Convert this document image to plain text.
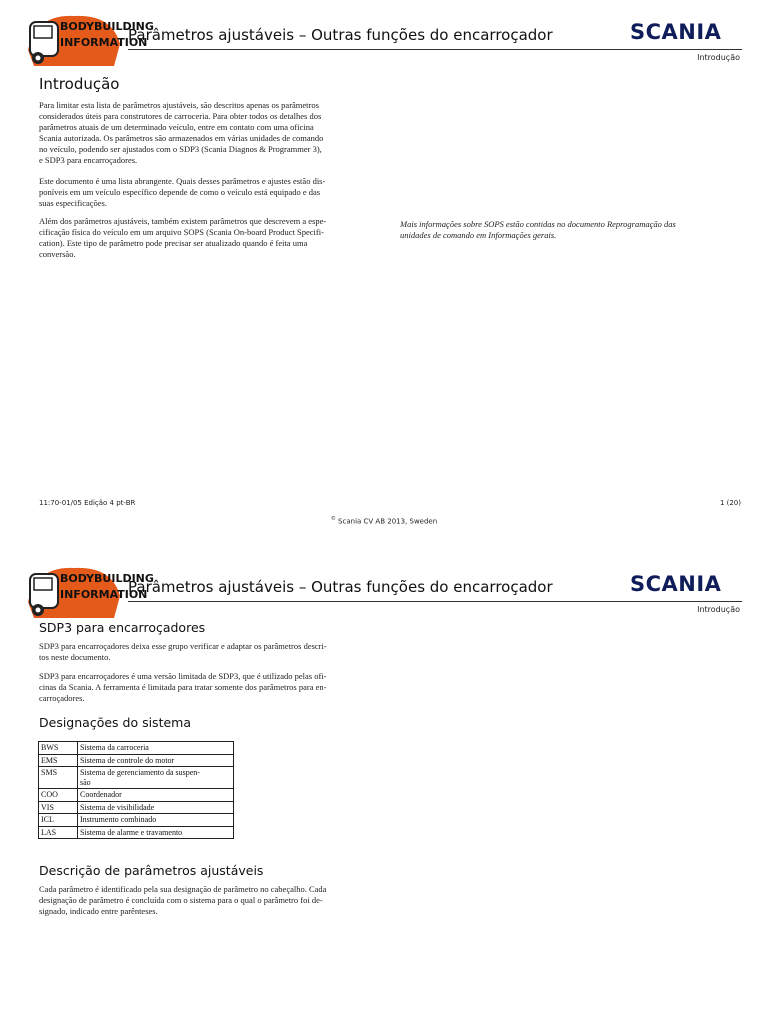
BODYBUILDING
INFORMATION
Parâmetros ajustáveis – Outras funções do encarroçador	SCANIA
Introdução
Introdução
Para limitar esta lista de parâmetros ajustáveis, são descritos apenas os parâmetros
considerados úteis para construtores de carroceria. Para obter todos os detalhes dos
parâmetros atuais de um determinado veículo, entre em contato com uma oficina
Scania autorizada. Os parâmetros são armazenados em várias unidades de comando
no veículo, podendo ser ajustados com o SDP3 (Scania Diagnos & Programmer 3),
e SDP3 para encarroçadores.
Este documento é uma lista abrangente. Quais desses parâmetros e ajustes estão dis-
poníveis em um veículo específico depende de como o veículo está equipado e das
suas especificações.
Além dos parâmetros ajustáveis, também existem parâmetros que descrevem a espe-
cificação física do veículo em um arquivo SOPS (Scania On-board Product Specifi-
cation). Este tipo de parâmetro pode precisar ser atualizado quando é feita uma
conversão.
Mais informações sobre SOPS estão contidas no documento Reprogramação das
unidades de comando em Informações gerais.
11:70-01/05 Edição 4 pt-BR	1 (20)
© Scania CV AB 2013, Sweden
BODYBUILDING
INFORMATION
Parâmetros ajustáveis – Outras funções do encarroçador	SCANIA
Introdução
SDP3 para encarroçadores
SDP3 para encarroçadores deixa esse grupo verificar e adaptar os parâmetros descri-
tos neste documento.
SDP3 para encarroçadores é uma versão limitada de SDP3, que é utilizado pelas ofi-
cinas da Scania. A ferramenta é limitada para tratar somente dos parâmetros para en-
carroçadores.
Designações do sistema
BWS	Sistema da carroceria
EMS	Sistema de controle do motor
SMS	Sistema de gerenciamento da suspen-
são

COO	Coordenador
VIS	Sistema de visibilidade
ICL	Instrumento combinado
LAS	Sistema de alarme e travamento
Descrição de parâmetros ajustáveis
Cada parâmetro é identificado pela sua designação de parâmetro no cabeçalho. Cada
designação de parâmetro é concluída com o sistema para o qual o parâmetro foi de-
signado, indicado entre parênteses.
